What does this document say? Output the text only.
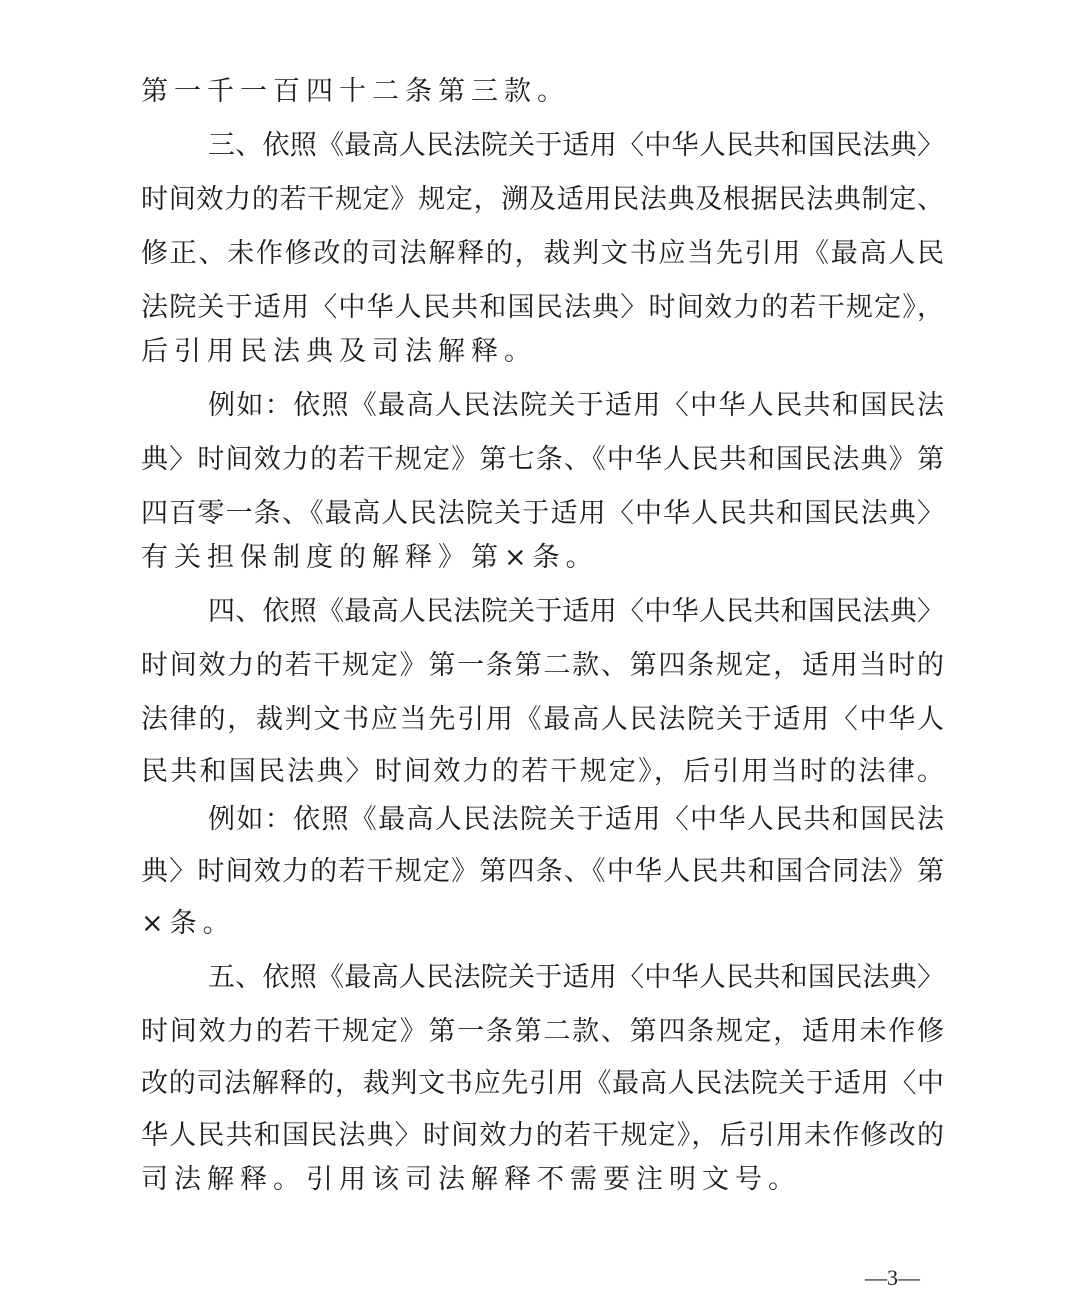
第一千一百四十二条第三款。
三、依照《最高人民法院关于适用〈中华人民共和国民法典〉
时间效力的若干规定》规定，溯及适用民法典及根据民法典制定、
修正、未作修改的司法解释的，裁判文书应当先引用《最高人民
法院关于适用〈中华人民共和国民法典〉时间效力的若干规定》，
后引用民法典及司法解释。
例如：依照《最高人民法院关于适用〈中华人民共和国民法
典〉时间效力的若干规定》第七条、《中华人民共和国民法典》第
四百零一条、《最高人民法院关于适用〈中华人民共和国民法典〉
有关担保制度的解释》第×条。
四、依照《最高人民法院关于适用〈中华人民共和国民法典〉
时间效力的若干规定》第一条第二款、第四条规定，适用当时的
法律的，裁判文书应当先引用《最高人民法院关于适用〈中华人
民共和国民法典〉时间效力的若干规定》，后引用当时的法律。
例如：依照《最高人民法院关于适用〈中华人民共和国民法
典〉时间效力的若干规定》第四条、《中华人民共和国合同法》第
×条。
五、依照《最高人民法院关于适用〈中华人民共和国民法典〉
时间效力的若干规定》第一条第二款、第四条规定，适用未作修
改的司法解释的，裁判文书应先引用《最高人民法院关于适用〈中
华人民共和国民法典〉时间效力的若干规定》，后引用未作修改的
司法解释。引用该司法解释不需要注明文号。
—3—
